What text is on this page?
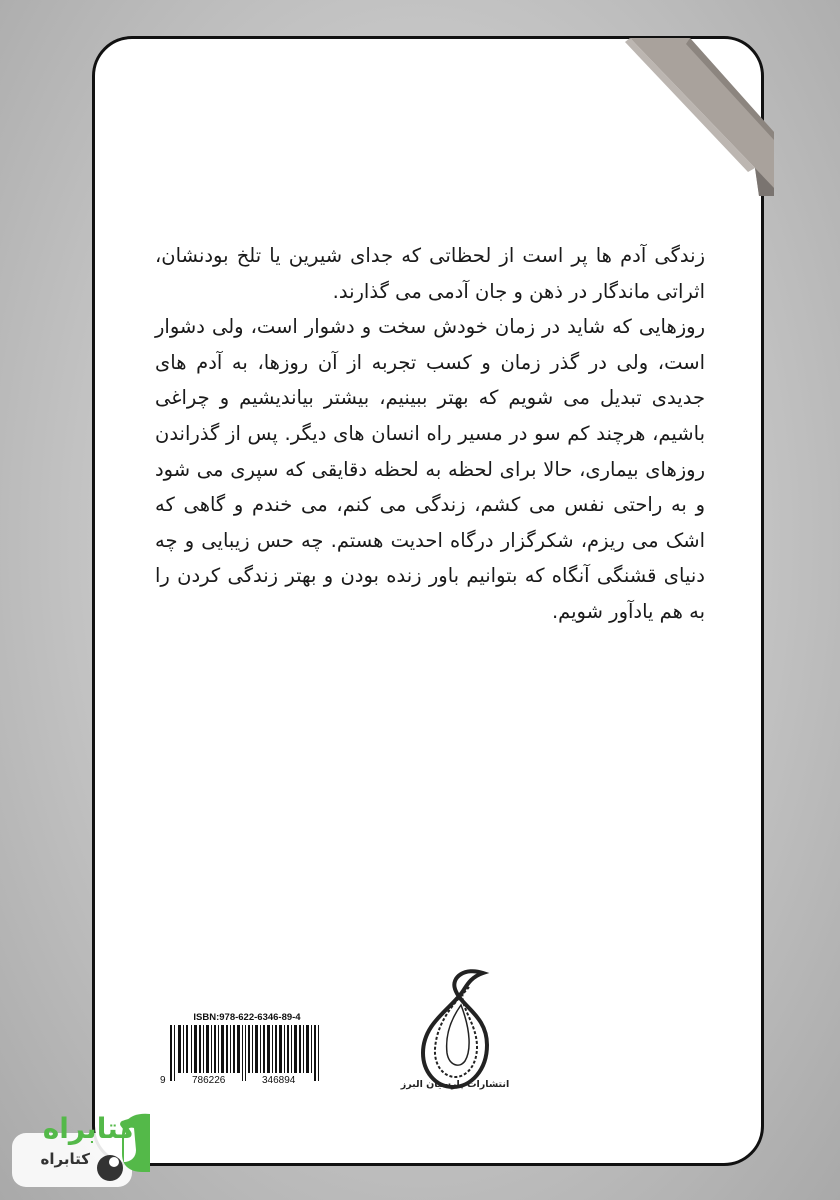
زندگی آدم ها پر است از لحظاتی که جدای شیرین یا تلخ بودنشان، اثراتی ماندگار در ذهن و جان آدمی می گذارند.

روزهایی که شاید در زمان خودش سخت و دشوار است، ولی دشوار است، ولی در گذر زمان و کسب تجربه از آن روزها، به آدم های جدیدی تبدیل می شویم که بهتر ببینیم، بیشتر بیاندیشیم و چراغی باشیم، هرچند کم سو در مسیر راه انسان های دیگر. پس از گذراندن روزهای بیماری، حالا برای لحظه به لحظه دقایقی که سپری می شود و به راحتی نفس می کشم، زندگی می کنم، می خندم و گاهی که اشک می ریزم، شکرگزار درگاه احدیت هستم. چه حس زیبایی و چه دنیای قشنگی آنگاه که بتوانیم باور زنده بودن و بهتر زندگی کردن را به هم یادآور شویم.

انتشارات پارسیان البرز
ISBN:978-622-6346-89-4
9	786226	346894
کتابراه
کتابراه
